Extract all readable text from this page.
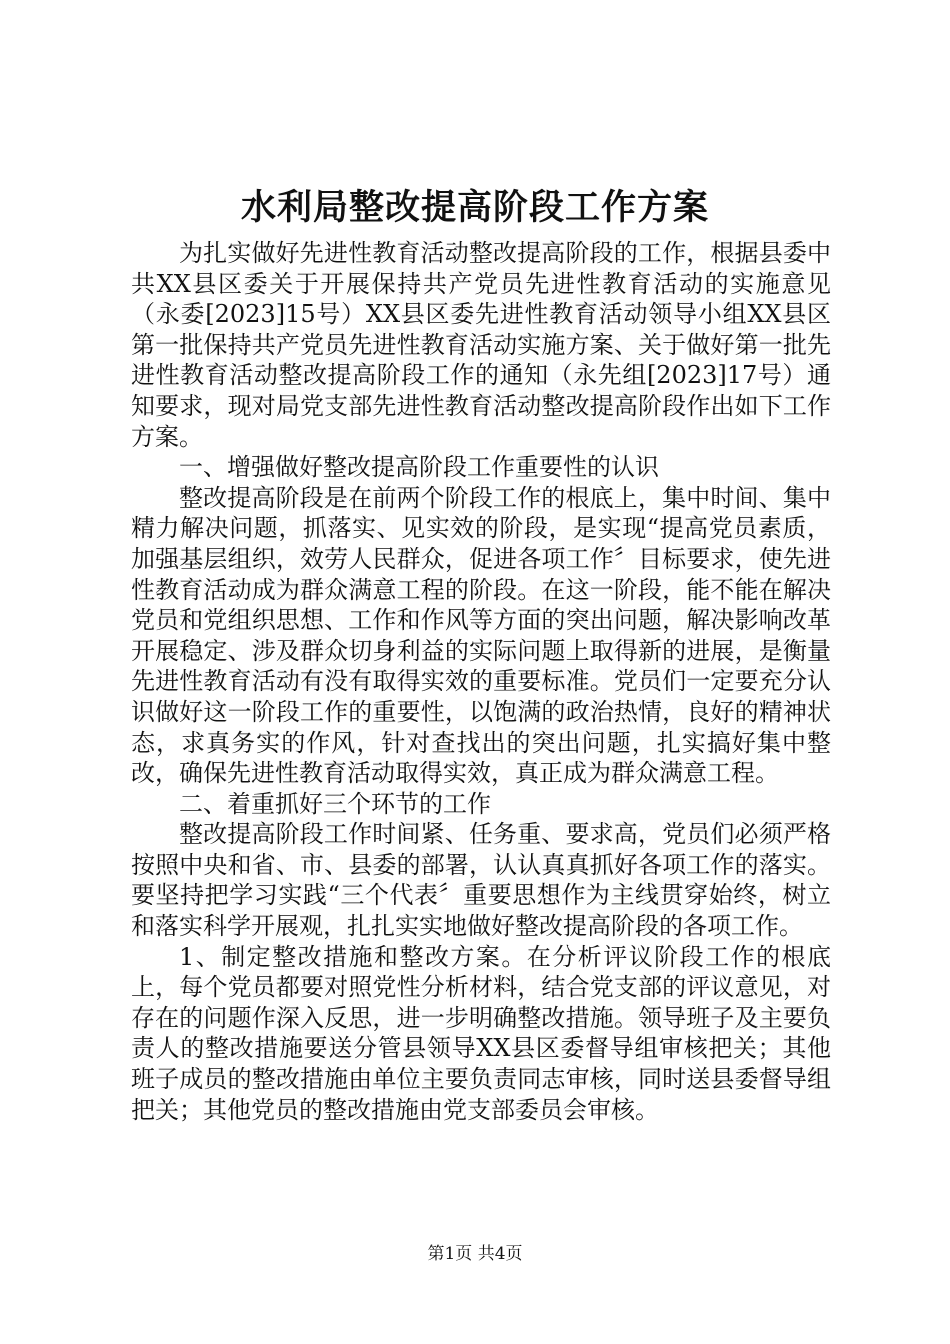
水利局整改提高阶段工作方案

为扎实做好先进性教育活动整改提高阶段的工作，根据县委中共XX县区委关于开展保持共产党员先进性教育活动的实施意见（永委[2023]15号）XX县区委先进性教育活动领导小组XX县区第一批保持共产党员先进性教育活动实施方案、关于做好第一批先进性教育活动整改提高阶段工作的通知（永先组[2023]17号）通知要求，现对局党支部先进性教育活动整改提高阶段作出如下工作方案。

一、增强做好整改提高阶段工作重要性的认识

整改提高阶段是在前两个阶段工作的根底上，集中时间、集中精力解决问题，抓落实、见实效的阶段，是实现“提高党员素质，加强基层组织，效劳人民群众，促进各项工作〞目标要求，使先进性教育活动成为群众满意工程的阶段。在这一阶段，能不能在解决党员和党组织思想、工作和作风等方面的突出问题，解决影响改革开展稳定、涉及群众切身利益的实际问题上取得新的进展，是衡量先进性教育活动有没有取得实效的重要标准。党员们一定要充分认识做好这一阶段工作的重要性，以饱满的政治热情，良好的精神状态，求真务实的作风，针对查找出的突出问题，扎实搞好集中整改，确保先进性教育活动取得实效，真正成为群众满意工程。

二、着重抓好三个环节的工作

整改提高阶段工作时间紧、任务重、要求高，党员们必须严格按照中央和省、市、县委的部署，认认真真抓好各项工作的落实。要坚持把学习实践“三个代表〞重要思想作为主线贯穿始终，树立和落实科学开展观，扎扎实实地做好整改提高阶段的各项工作。

1、制定整改措施和整改方案。在分析评议阶段工作的根底上，每个党员都要对照党性分析材料，结合党支部的评议意见，对存在的问题作深入反思，进一步明确整改措施。领导班子及主要负责人的整改措施要送分管县领导XX县区委督导组审核把关；其他班子成员的整改措施由单位主要负责同志审核，同时送县委督导组把关；其他党员的整改措施由党支部委员会审核。

第1页 共4页
